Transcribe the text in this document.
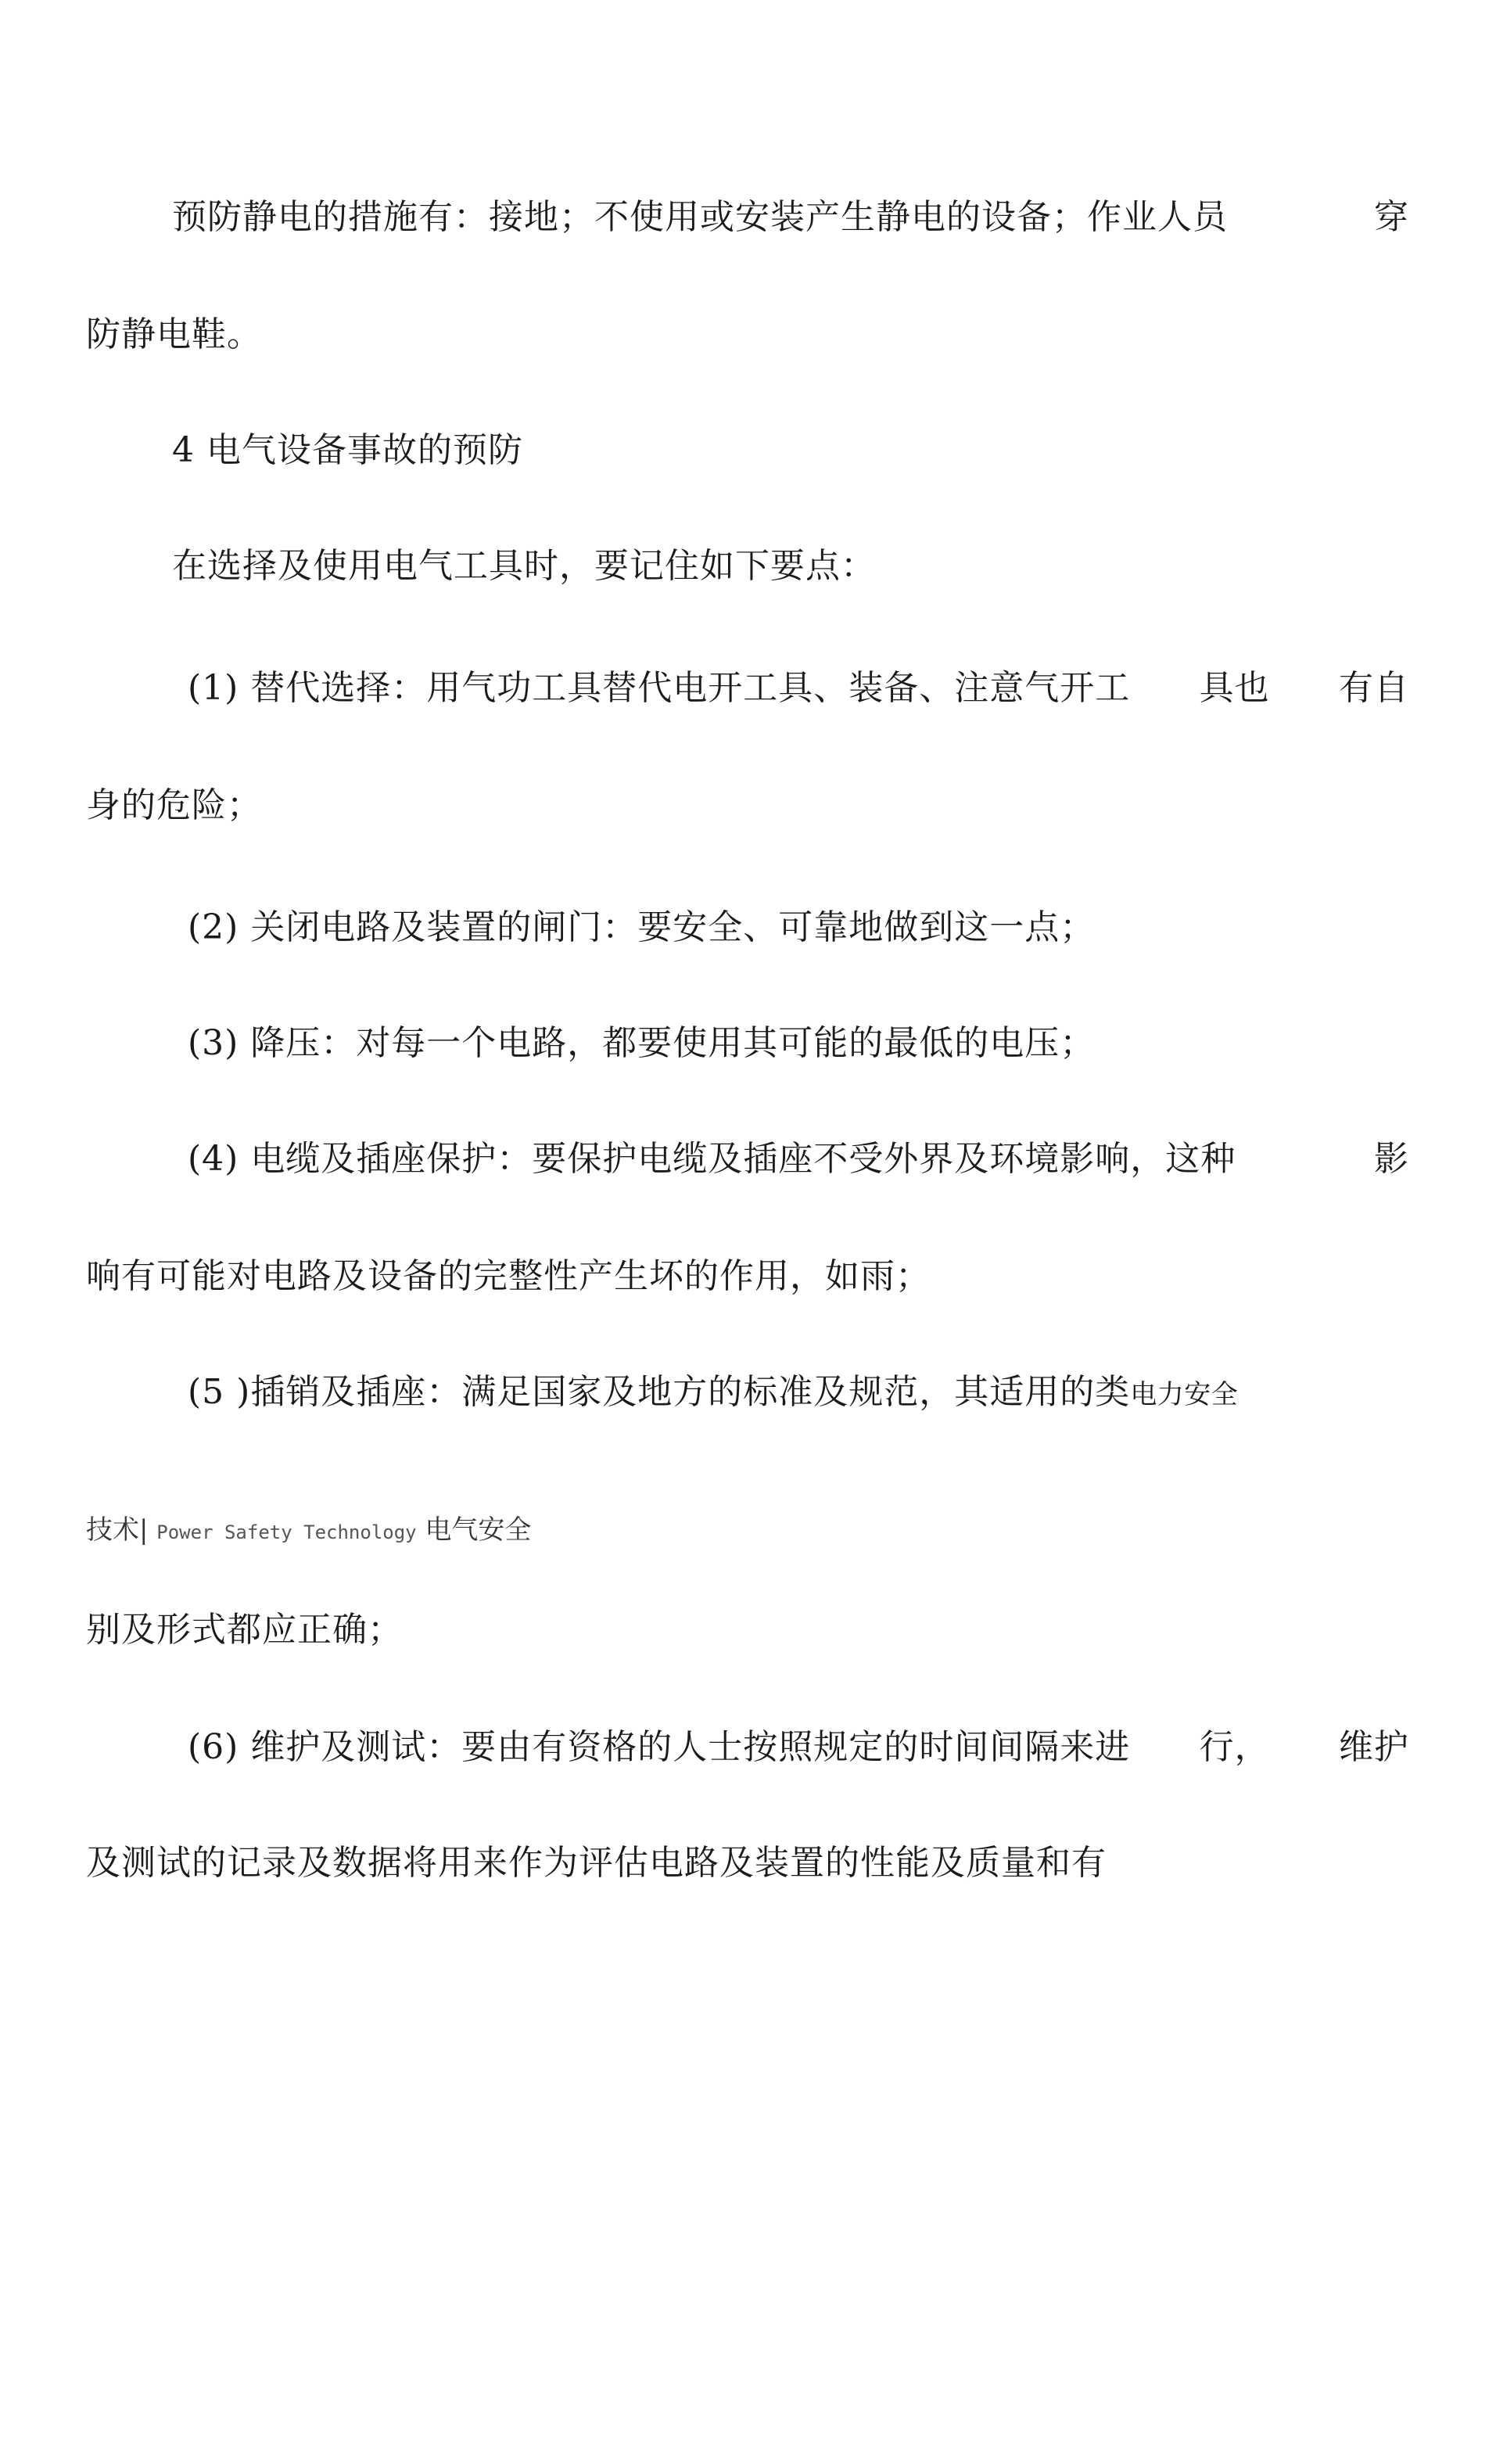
预防静电的措施有：接地；不使用或安装产生静电的设备；作业人员	穿
防静电鞋。
4 电气设备事故的预防
在选择及使用电气工具时，要记住如下要点：
(1) 替代选择：用气功工具替代电开工具、装备、注意气开工 具也 有自
身的危险；
(2) 关闭电路及装置的闸门：要安全、可靠地做到这一点；
(3) 降压：对每一个电路，都要使用其可能的最低的电压；
(4) 电缆及插座保护：要保护电缆及插座不受外界及环境影响，这种	影
响有可能对电路及设备的完整性产生坏的作用，如雨；
(5 )插销及插座：满足国家及地方的标准及规范，其适用的类电力安全
技术| Power Safety Technology 电气安全
别及形式都应正确；
(6) 维护及测试：要由有资格的人士按照规定的时间间隔来进 行， 维护
及测试的记录及数据将用来作为评估电路及装置的性能及质量和有
